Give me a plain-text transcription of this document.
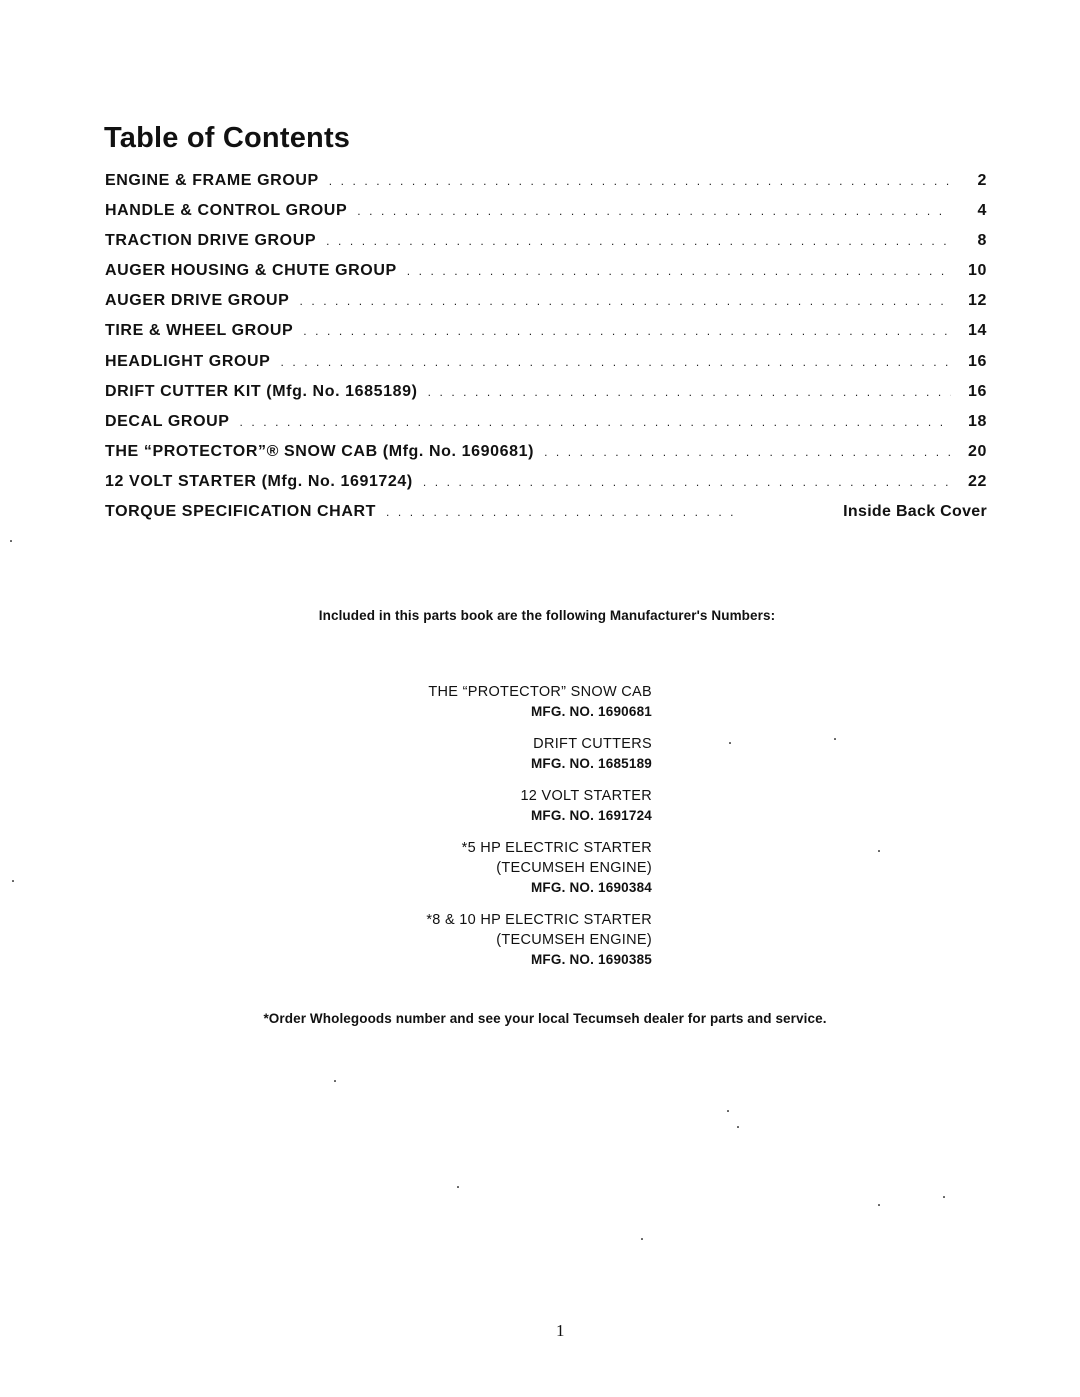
Table of Contents
ENGINE & FRAME GROUP . . .	2
HANDLE & CONTROL GROUP . . .	4
TRACTION DRIVE GROUP . . .	8
AUGER HOUSING & CHUTE GROUP . . .	10
AUGER DRIVE GROUP . . .	12
TIRE & WHEEL GROUP . . .	14
HEADLIGHT GROUP . . .	16
DRIFT CUTTER KIT (Mfg. No. 1685189) . . .	16
DECAL GROUP . . .	18
THE “PROTECTOR”® SNOW CAB (Mfg. No. 1690681) . . .	20
12 VOLT STARTER (Mfg. No. 1691724) . . .	22
TORQUE SPECIFICATION CHART . . .	Inside Back Cover
Included in this parts book are the following Manufacturer's Numbers:
THE “PROTECTOR” SNOW CAB
MFG. NO. 1690681
DRIFT CUTTERS
MFG. NO. 1685189
12 VOLT STARTER
MFG. NO. 1691724
*5 HP ELECTRIC STARTER
(TECUMSEH ENGINE)
MFG. NO. 1690384
*8 & 10 HP ELECTRIC STARTER
(TECUMSEH ENGINE)
MFG. NO. 1690385
*Order Wholegoods number and see your local Tecumseh dealer for parts and service.
1
